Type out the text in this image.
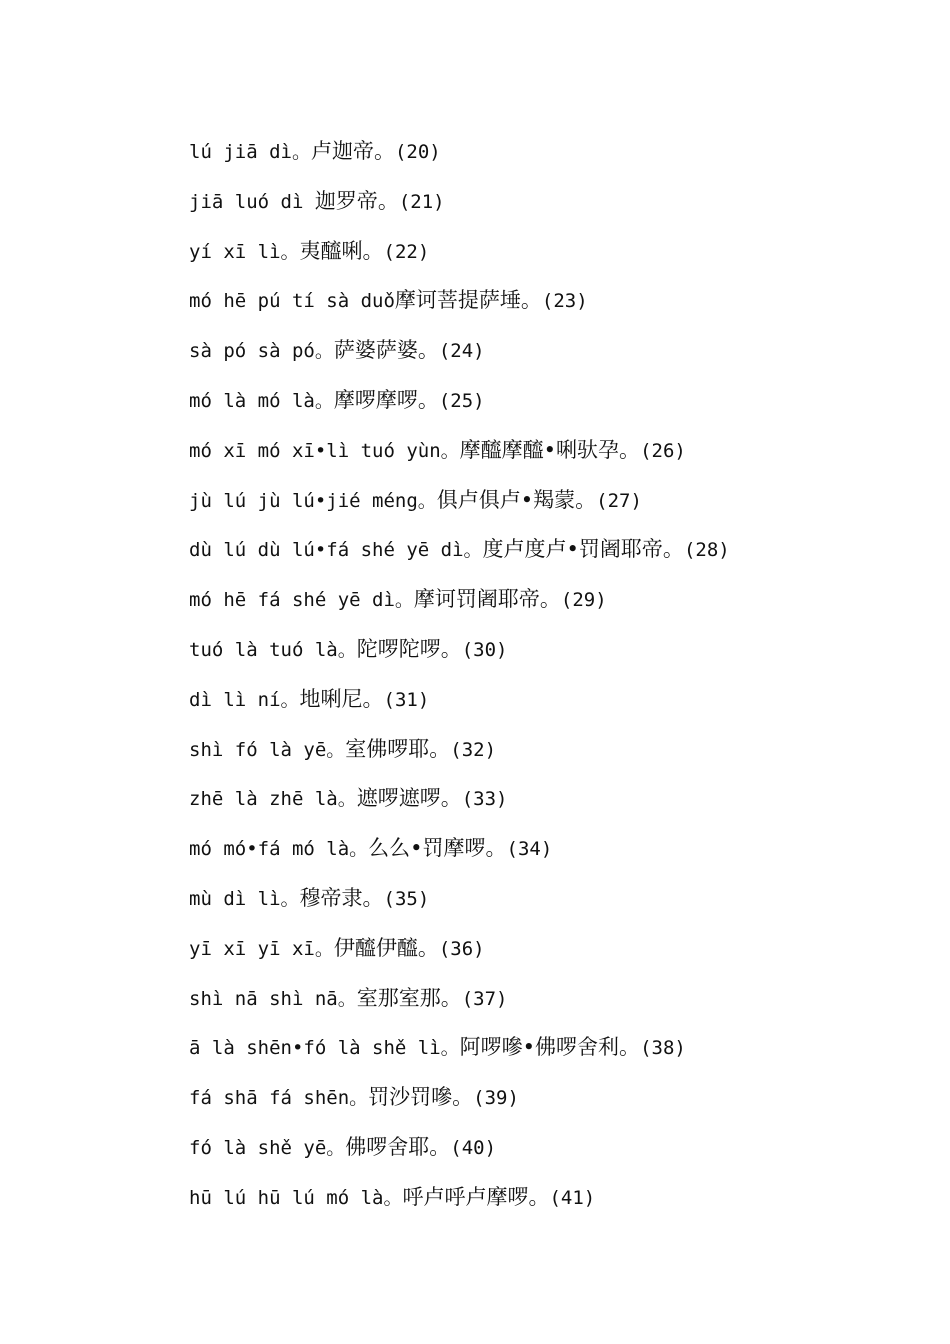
lú jiā dì。卢迦帝。(20)
jiā luó dì 迦罗帝。(21)
yí xī lì。夷醯唎。(22)
mó hē pú tí sà duǒ摩诃菩提萨埵。(23)
sà pó sà pó。萨婆萨婆。(24)
mó là mó là。摩啰摩啰。(25)
mó xī mó xī•lì tuó yùn。摩醯摩醯•唎驮孕。(26)
jù lú jù lú•jié méng。俱卢俱卢•羯蒙。(27)
dù lú dù lú•fá shé yē dì。度卢度卢•罚阇耶帝。(28)
mó hē fá shé yē dì。摩诃罚阇耶帝。(29)
tuó là tuó là。陀啰陀啰。(30)
dì lì ní。地唎尼。(31)
shì fó là yē。室佛啰耶。(32)
zhē là zhē là。遮啰遮啰。(33)
mó mó•fá mó là。么么•罚摩啰。(34)
mù dì lì。穆帝隶。(35)
yī xī yī xī。伊醯伊醯。(36)
shì nā shì nā。室那室那。(37)
ā là shēn•fó là shě lì。阿啰嘇•佛啰舍利。(38)
fá shā fá shēn。罚沙罚嘇。(39)
fó là shě yē。佛啰舍耶。(40)
hū lú hū lú mó là。呼卢呼卢摩啰。(41)
